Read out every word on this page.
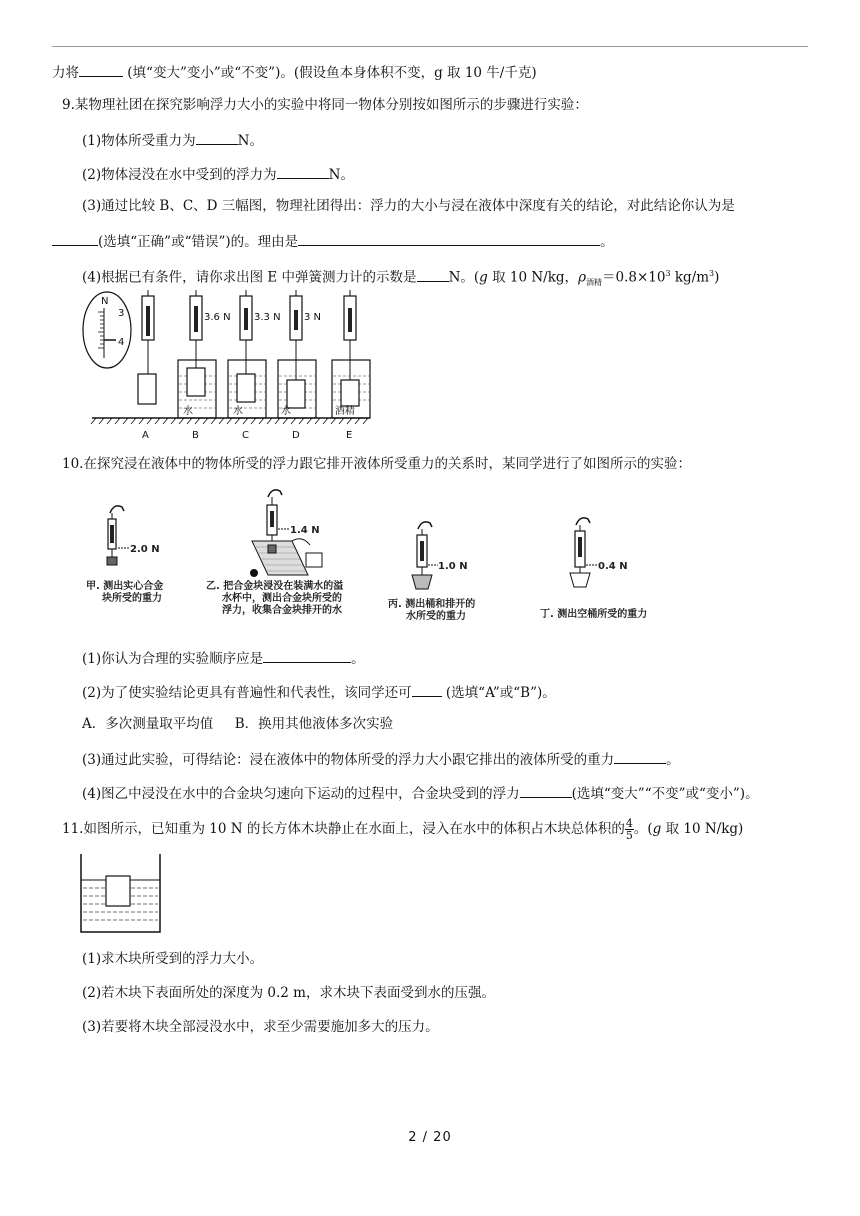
力将	(填“变大”变小”或“不变”)。(假设鱼本身体积不变，g 取 10 牛/千克)
9.某物理社团在探究影响浮力大小的实验中将同一物体分别按如图所示的步骤进行实验：
(1)物体所受重力为	N。
(2)物体浸没在水中受到的浮力为	N。
(3)通过比较 B、C、D 三幅图，物理社团得出：浮力的大小与浸在液体中深度有关的结论，对此结论你认为是
(选填“正确”或“错误”)的。理由是	。
(4)根据已有条件，请你求出图 E 中弹簧测力计的示数是 N。(g 取 10 N/kg，$\rho_{酒精}=0.8\times 10^3$ $kg/m^3$)
N
3
4
3.6 N
水
3.3 N
水
3 N
水	酒精
A	B	C	D	E
10.在探究浸在液体中的物体所受的浮力跟它排开液体所受重力的关系时，某同学进行了如图所示的实验：
2.0 N
甲. 测出实心合金
块所受的重力
1.4 N
乙. 把合金块浸没在装满水的溢
水杯中，测出合金块所受的
浮力，收集合金块排开的水
1.0 N
丙. 测出桶和排开的
水所受的重力
0.4 N
丁. 测出空桶所受的重力
(1)你认为合理的实验顺序应是	。
(2)为了使实验结论更具有普遍性和代表性，该同学还可 (选填“A”或“B”)。
A．多次测量取平均值     B．换用其他液体多次实验
(3)通过此实验，可得结论：浸在液体中的物体所受的浮力大小跟它排出的液体所受的重力	。
(4)图乙中浸没在水中的合金块匀速向下运动的过程中，合金块受到的浮力	(选填“变大”“不变”或“变小”)。
11.如图所示，已知重为 10 N 的长方体木块静止在水面上，浸入在水中的体积占木块总体积的 $\frac{4}{5}$ 。(g 取 10 N/kg)
(1)求木块所受到的浮力大小。
(2)若木块下表面所处的深度为 0.2 m，求木块下表面受到水的压强。
(3)若要将木块全部浸没水中，求至少需要施加多大的压力。
2 / 20
